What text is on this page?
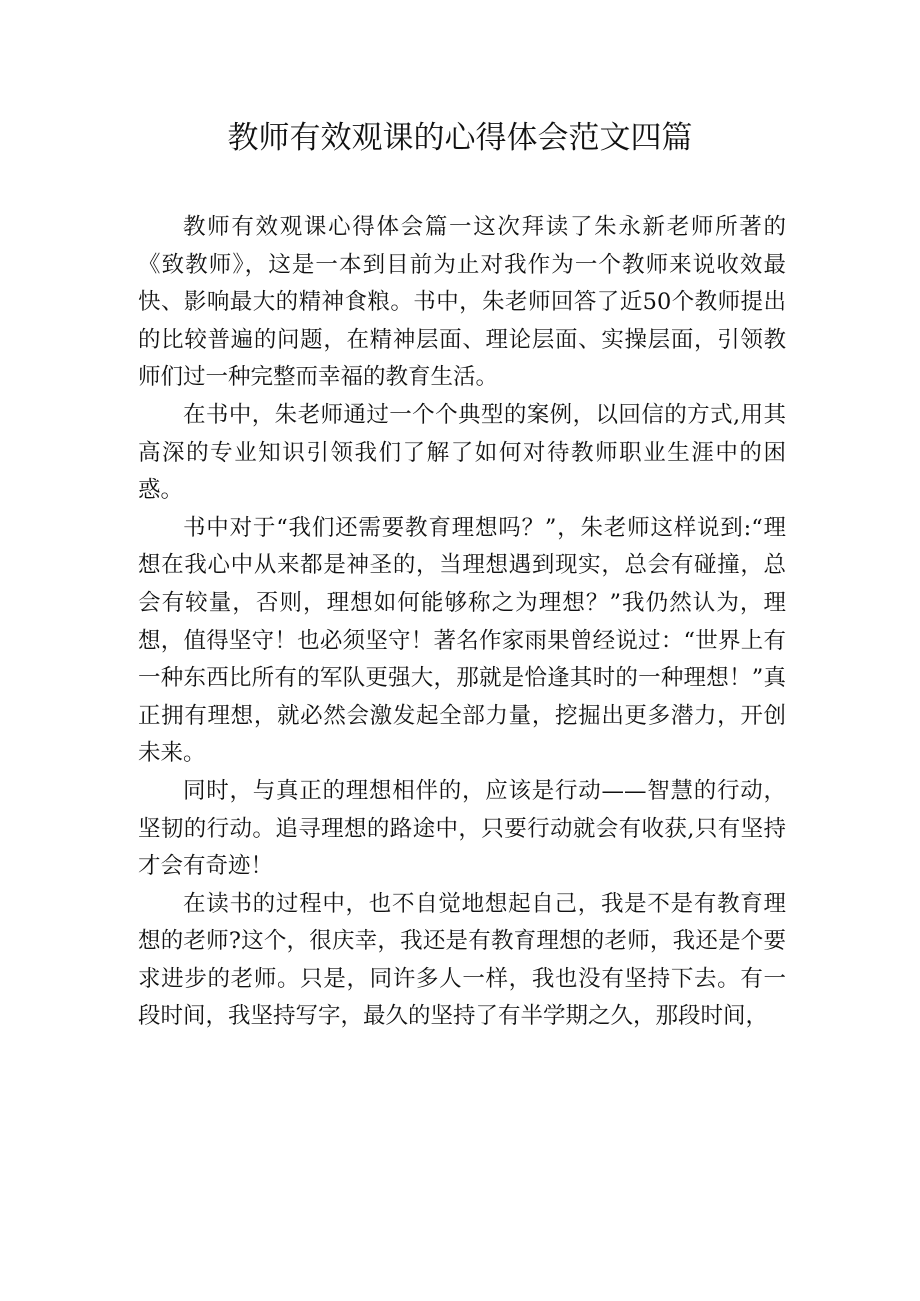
教师有效观课的心得体会范文四篇

教师有效观课心得体会篇一这次拜读了朱永新老师所著的《致教师》，这是一本到目前为止对我作为一个教师来说收效最快、影响最大的精神食粮。书中，朱老师回答了近50个教师提出的比较普遍的问题，在精神层面、理论层面、实操层面，引领教师们过一种完整而幸福的教育生活。

在书中，朱老师通过一个个典型的案例，以回信的方式,用其高深的专业知识引领我们了解了如何对待教师职业生涯中的困惑。

书中对于“我们还需要教育理想吗？”，朱老师这样说到:“理想在我心中从来都是神圣的，当理想遇到现实，总会有碰撞，总会有较量，否则，理想如何能够称之为理想？”我仍然认为，理想，值得坚守！也必须坚守！著名作家雨果曾经说过：“世界上有一种东西比所有的军队更强大，那就是恰逢其时的一种理想！”真正拥有理想，就必然会激发起全部力量，挖掘出更多潜力，开创未来。

同时，与真正的理想相伴的，应该是行动——智慧的行动，坚韧的行动。追寻理想的路途中，只要行动就会有收获,只有坚持才会有奇迹！

在读书的过程中，也不自觉地想起自己，我是不是有教育理想的老师?这个，很庆幸，我还是有教育理想的老师，我还是个要求进步的老师。只是，同许多人一样，我也没有坚持下去。有一段时间，我坚持写字，最久的坚持了有半学期之久，那段时间，
